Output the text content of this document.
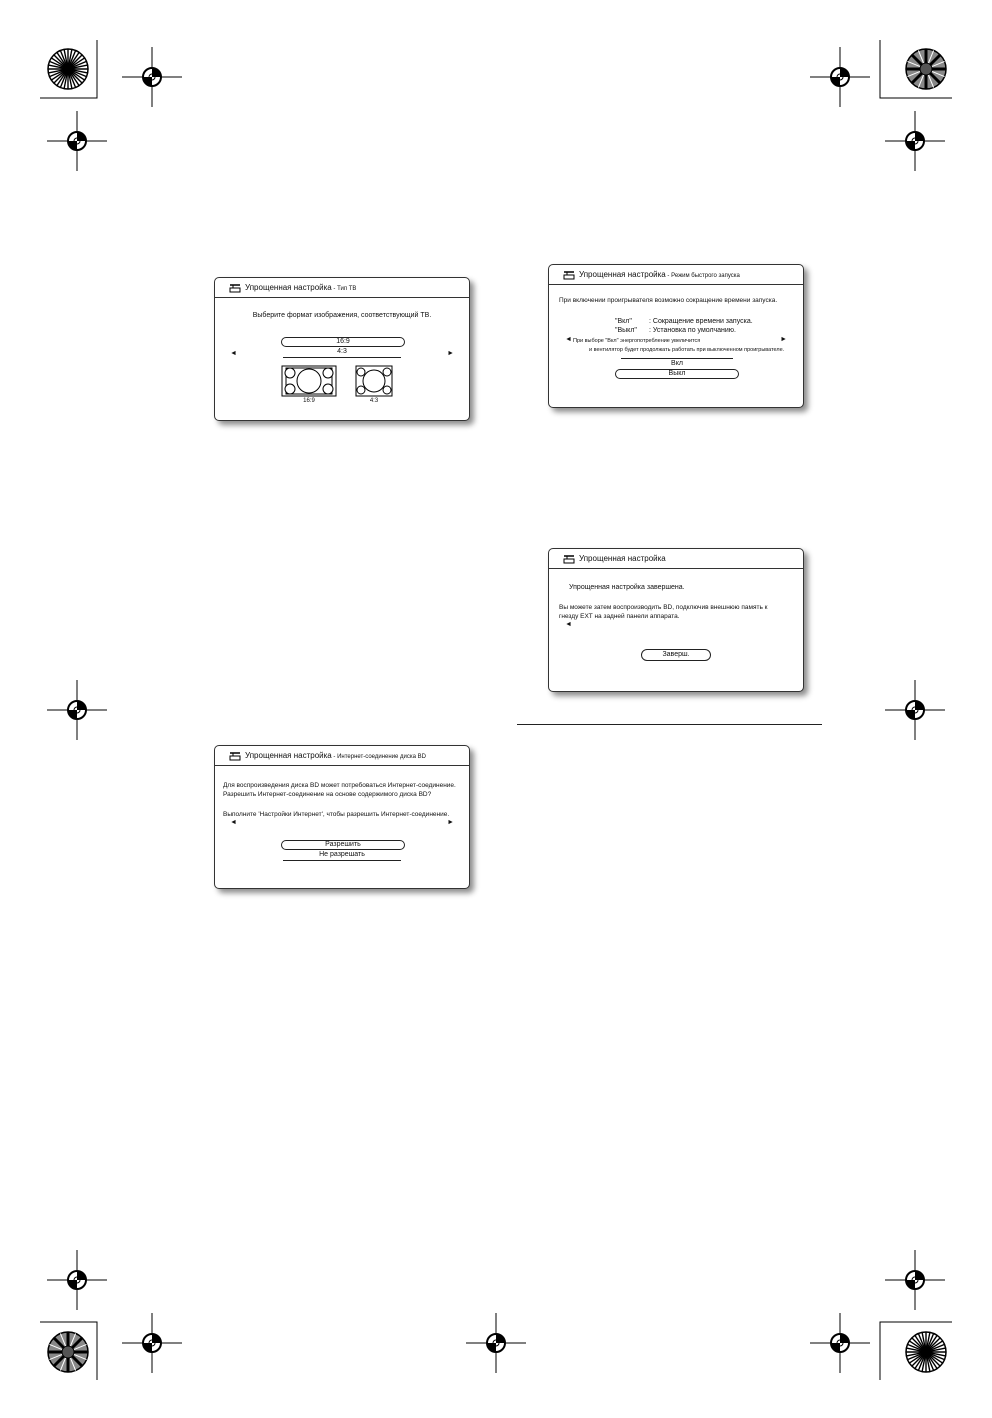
Упрощенная настройка - Тип ТВ
Выберите формат изображения, соответствующий ТВ.
◄	►
16:9
4:3
16:9	4:3
Упрощенная настройка - Режим быстрого запуска
При включении проигрывателя возможно сокращение времени запуска.
"Вкл" : Сокращение времени запуска.
"Выкл" : Установка по умолчанию.
◄	►
При выборе "Вкл" энергопотребление увеличится
и вентилятор будет продолжать работать при выключенном проигрывателе.
Вкл
Выкл
Упрощенная настройка
Упрощенная настройка завершена.
Вы можете затем воспроизводить BD, подключив внешнюю память к
гнезду EXT на задней панели аппарата.
◄
Заверш.
Упрощенная настройка - Интернет-соединение диска BD
Для воспроизведения диска BD может потребоваться Интернет-соединение.
Разрешить Интернет-соединение на основе содержимого диска BD?
Выполните 'Настройки Интернет', чтобы разрешить Интернет-соединение.
◄	►
Разрешить
Не разрешать
